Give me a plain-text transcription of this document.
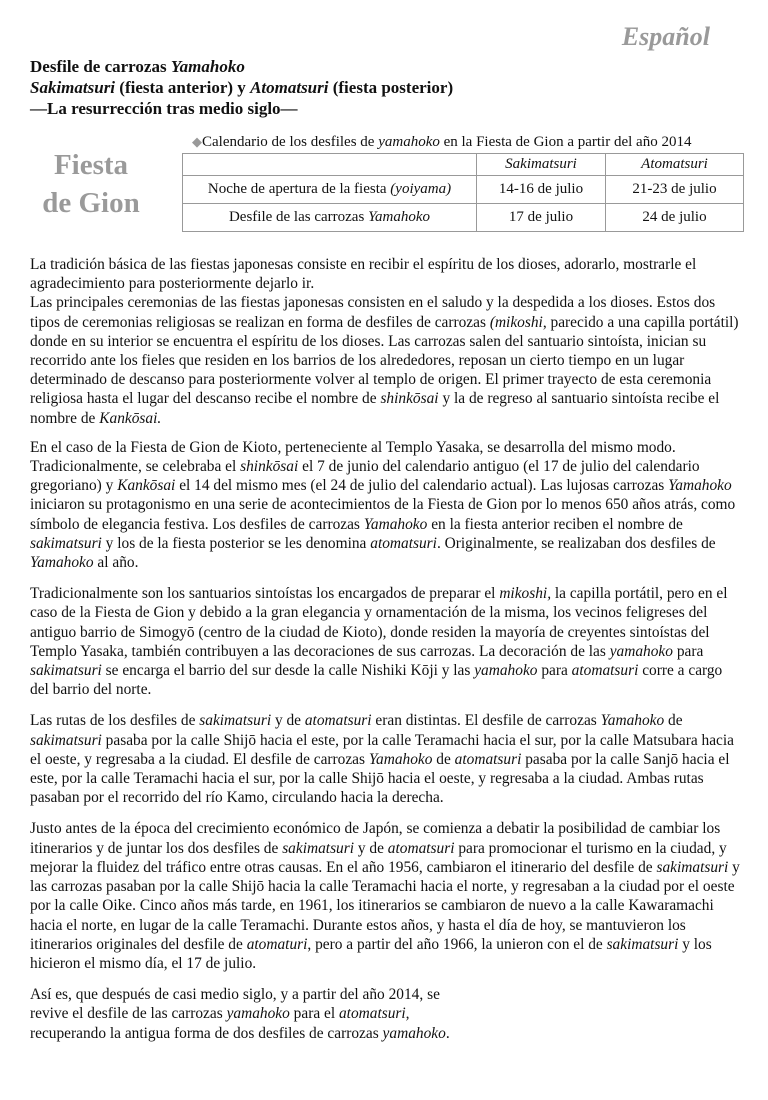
Español
Desfile de carrozas Yamahoko
Sakimatsuri (fiesta anterior) y Atomatsuri (fiesta posterior)
—La resurrección tras medio siglo—
Fiesta
de Gion
◆Calendario de los desfiles de yamahoko en la Fiesta de Gion a partir del año 2014
	Sakimatsuri	Atomatsuri
Noche de apertura de la fiesta (yoiyama)	14-16 de julio	21-23 de julio
Desfile de las carrozas Yamahoko	17 de julio	24 de julio

La tradición básica de las fiestas japonesas consiste en recibir el espíritu de los dioses, adorarlo, mostrarle el agradecimiento para posteriormente dejarlo ir.
Las principales ceremonias de las fiestas japonesas consisten en el saludo y la despedida a los dioses. Estos dos tipos de ceremonias religiosas se realizan en forma de desfiles de carrozas (mikoshi, parecido a una capilla portátil) donde en su interior se encuentra el espíritu de los dioses. Las carrozas salen del santuario sintoísta, inician su recorrido ante los fieles que residen en los barrios de los alrededores, reposan un cierto tiempo en un lugar determinado de descanso para posteriormente volver al templo de origen. El primer trayecto de esta ceremonia religiosa hasta el lugar del descanso recibe el nombre de shinkōsai y la de regreso al santuario sintoísta recibe el nombre de Kankōsai.

En el caso de la Fiesta de Gion de Kioto, perteneciente al Templo Yasaka, se desarrolla del mismo modo. Tradicionalmente, se celebraba el shinkōsai el 7 de junio del calendario antiguo (el 17 de julio del calendario gregoriano) y Kankōsai el 14 del mismo mes (el 24 de julio del calendario actual). Las lujosas carrozas Yamahoko iniciaron su protagonismo en una serie de acontecimientos de la Fiesta de Gion por lo menos 650 años atrás, como símbolo de elegancia festiva. Los desfiles de carrozas Yamahoko en la fiesta anterior reciben el nombre de sakimatsuri y los de la fiesta posterior se les denomina atomatsuri. Originalmente, se realizaban dos desfiles de Yamahoko al año.

Tradicionalmente son los santuarios sintoístas los encargados de preparar el mikoshi, la capilla portátil, pero en el caso de la Fiesta de Gion y debido a la gran elegancia y ornamentación de la misma, los vecinos feligreses del antiguo barrio de Simogyō (centro de la ciudad de Kioto), donde residen la mayoría de creyentes sintoístas del Templo Yasaka, también contribuyen a las decoraciones de sus carrozas. La decoración de las yamahoko para sakimatsuri se encarga el barrio del sur desde la calle Nishiki Kōji y las yamahoko para atomatsuri corre a cargo del barrio del norte.

Las rutas de los desfiles de sakimatsuri y de atomatsuri eran distintas. El desfile de carrozas Yamahoko de sakimatsuri pasaba por la calle Shijō hacia el este, por la calle Teramachi hacia el sur, por la calle Matsubara hacia el oeste, y regresaba a la ciudad. El desfile de carrozas Yamahoko de atomatsuri pasaba por la calle Sanjō hacia el este, por la calle Teramachi hacia el sur, por la calle Shijō hacia el oeste, y regresaba a la ciudad. Ambas rutas pasaban por el recorrido del río Kamo, circulando hacia la derecha.

Justo antes de la época del crecimiento económico de Japón, se comienza a debatir la posibilidad de cambiar los itinerarios y de juntar los dos desfiles de sakimatsuri y de atomatsuri para promocionar el turismo en la ciudad, y mejorar la fluidez del tráfico entre otras causas. En el año 1956, cambiaron el itinerario del desfile de sakimatsuri y las carrozas pasaban por la calle Shijō hacia la calle Teramachi hacia el norte, y regresaban a la ciudad por el oeste por la calle Oike. Cinco años más tarde, en 1961, los itinerarios se cambiaron de nuevo a la calle Kawaramachi hacia el norte, en lugar de la calle Teramachi. Durante estos años, y hasta el día de hoy, se mantuvieron los itinerarios originales del desfile de atomaturi, pero a partir del año 1966, la unieron con el de sakimatsuri y los
hicieron el mismo día, el 17 de julio.

Así es, que después de casi medio siglo, y a partir del año 2014, se revive el desfile de las carrozas yamahoko para el atomatsuri, recuperando la antigua forma de dos desfiles de carrozas yamahoko.
